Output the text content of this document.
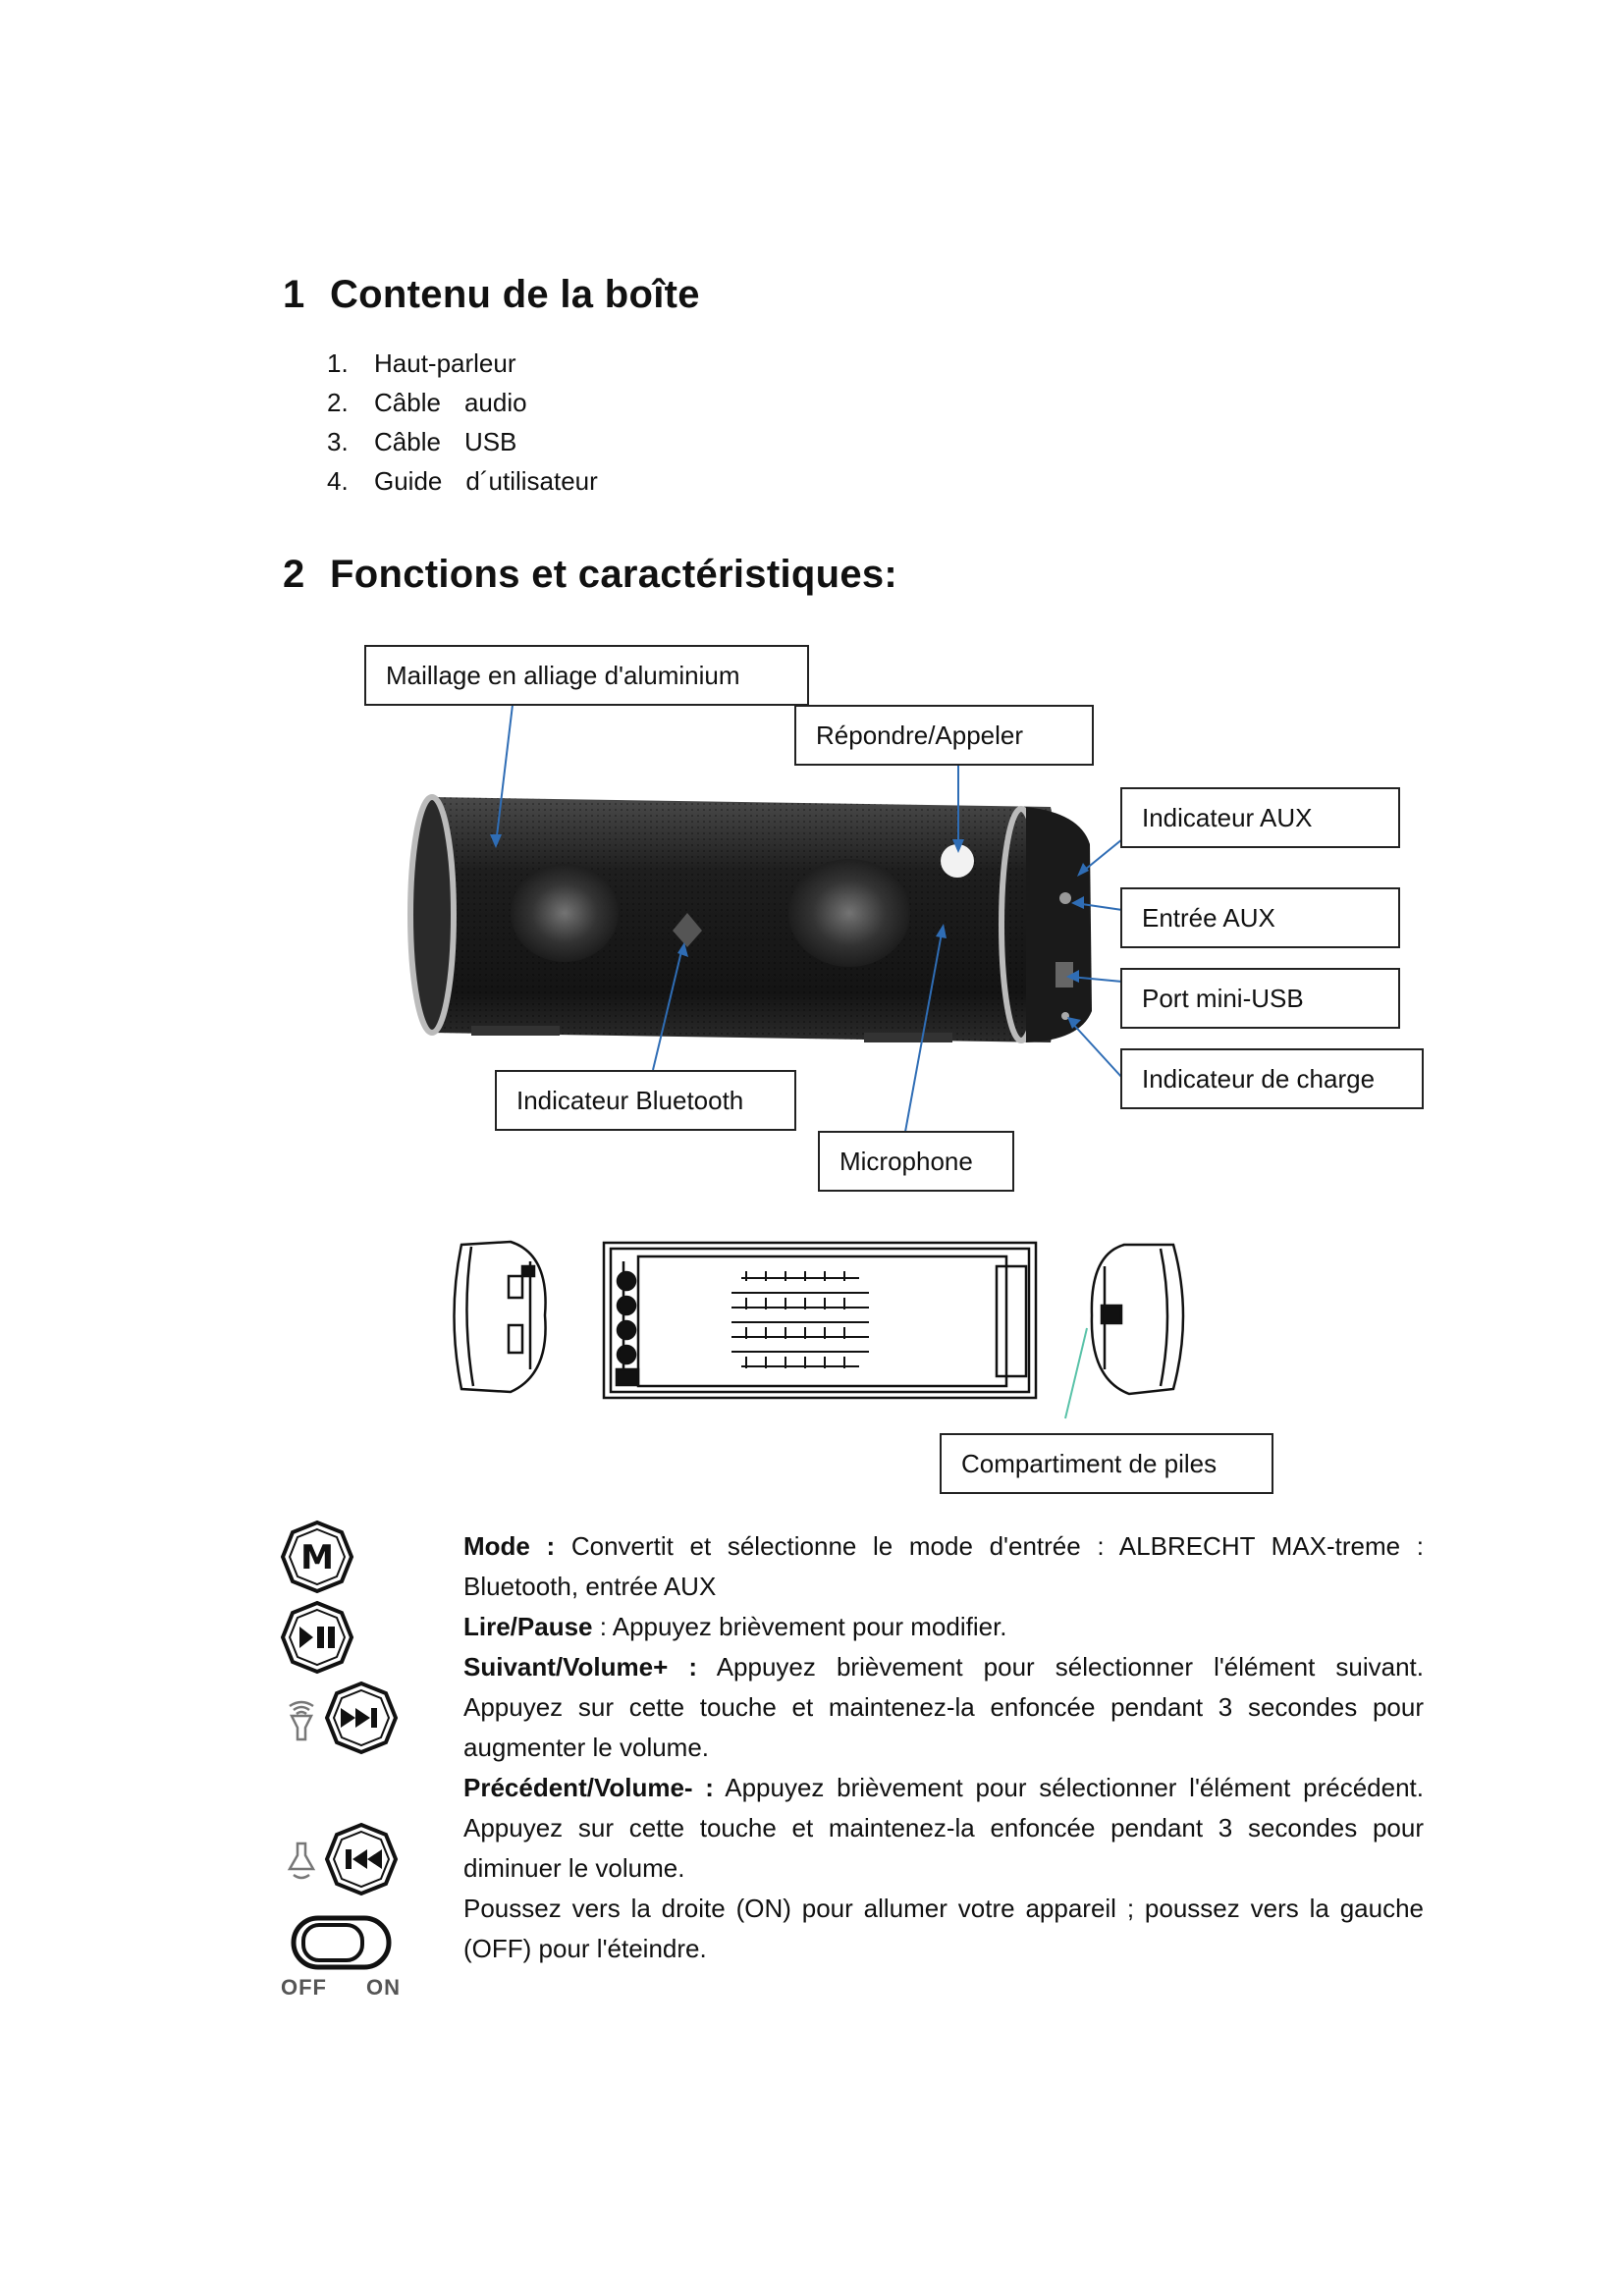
1 Contenu de la boîte
1.	Haut-parleur
2.	Câble audio
3.	Câble USB
4.	Guide d´utilisateur
2 Fonctions et caractéristiques:
Maillage en alliage d'aluminium
Répondre/Appeler
Indicateur AUX
Entrée AUX
Port mini-USB
Indicateur de charge
Indicateur Bluetooth
Microphone
Compartiment de piles
M
OFF ON

Mode : Convertit et sélectionne le mode d'entrée : ALBRECHT MAX-treme : Bluetooth, entrée AUX

Lire/Pause : Appuyez brièvement pour modifier.

Suivant/Volume+ : Appuyez brièvement pour sélectionner l'élément suivant. Appuyez sur cette touche et maintenez-la enfoncée pendant 3 secondes pour augmenter le volume.

Précédent/Volume- : Appuyez brièvement pour sélectionner l'élément précédent. Appuyez sur cette touche et maintenez-la enfoncée pendant 3 secondes pour diminuer le volume.

Poussez vers la droite (ON) pour allumer votre appareil ; poussez vers la gauche (OFF) pour l'éteindre.
